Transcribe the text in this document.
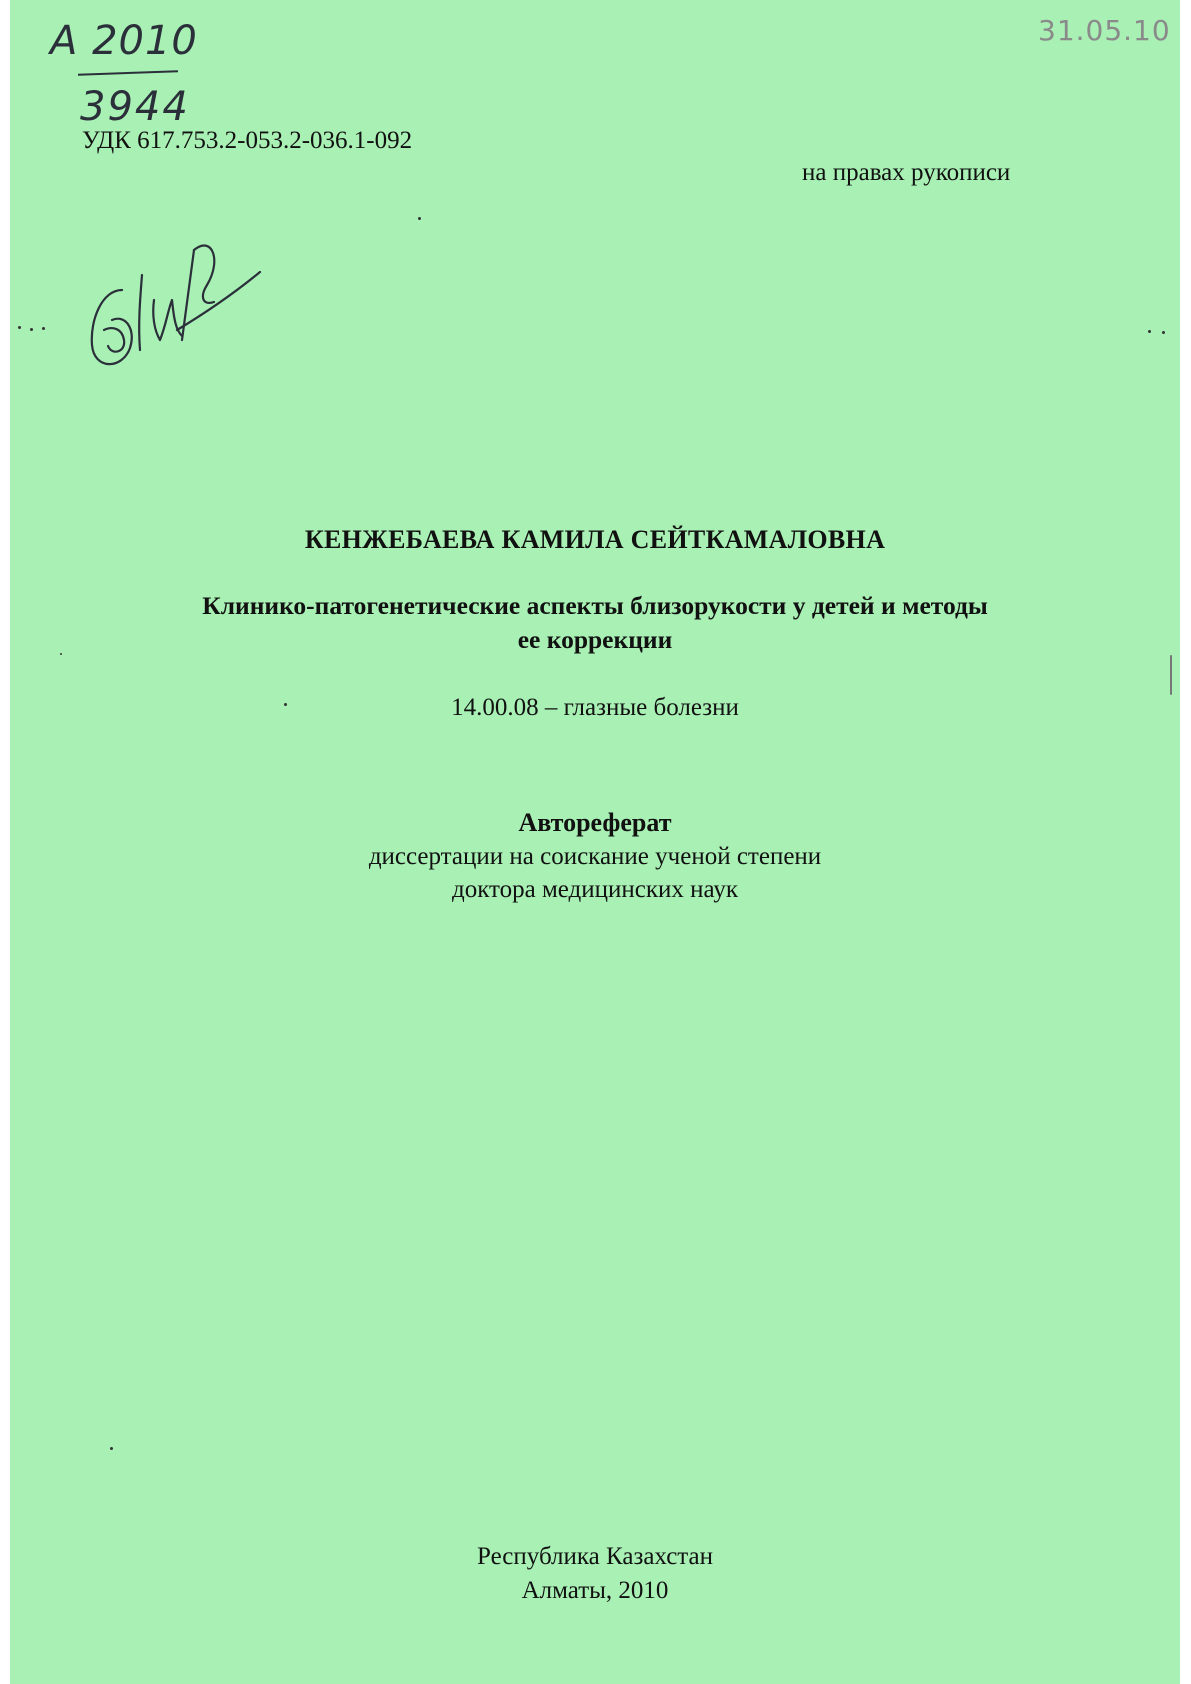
А 2010
3944
31.05.10
УДК 617.753.2-053.2-036.1-092
на правах рукописи
КЕНЖЕБАЕВА КАМИЛА СЕЙТКАМАЛОВНА
Клинико-патогенетические аспекты близорукости у детей и методы
ее коррекции
14.00.08 – глазные болезни
Автореферат
диссертации на соискание ученой степени
доктора медицинских наук
Республика Казахстан
Алматы, 2010
